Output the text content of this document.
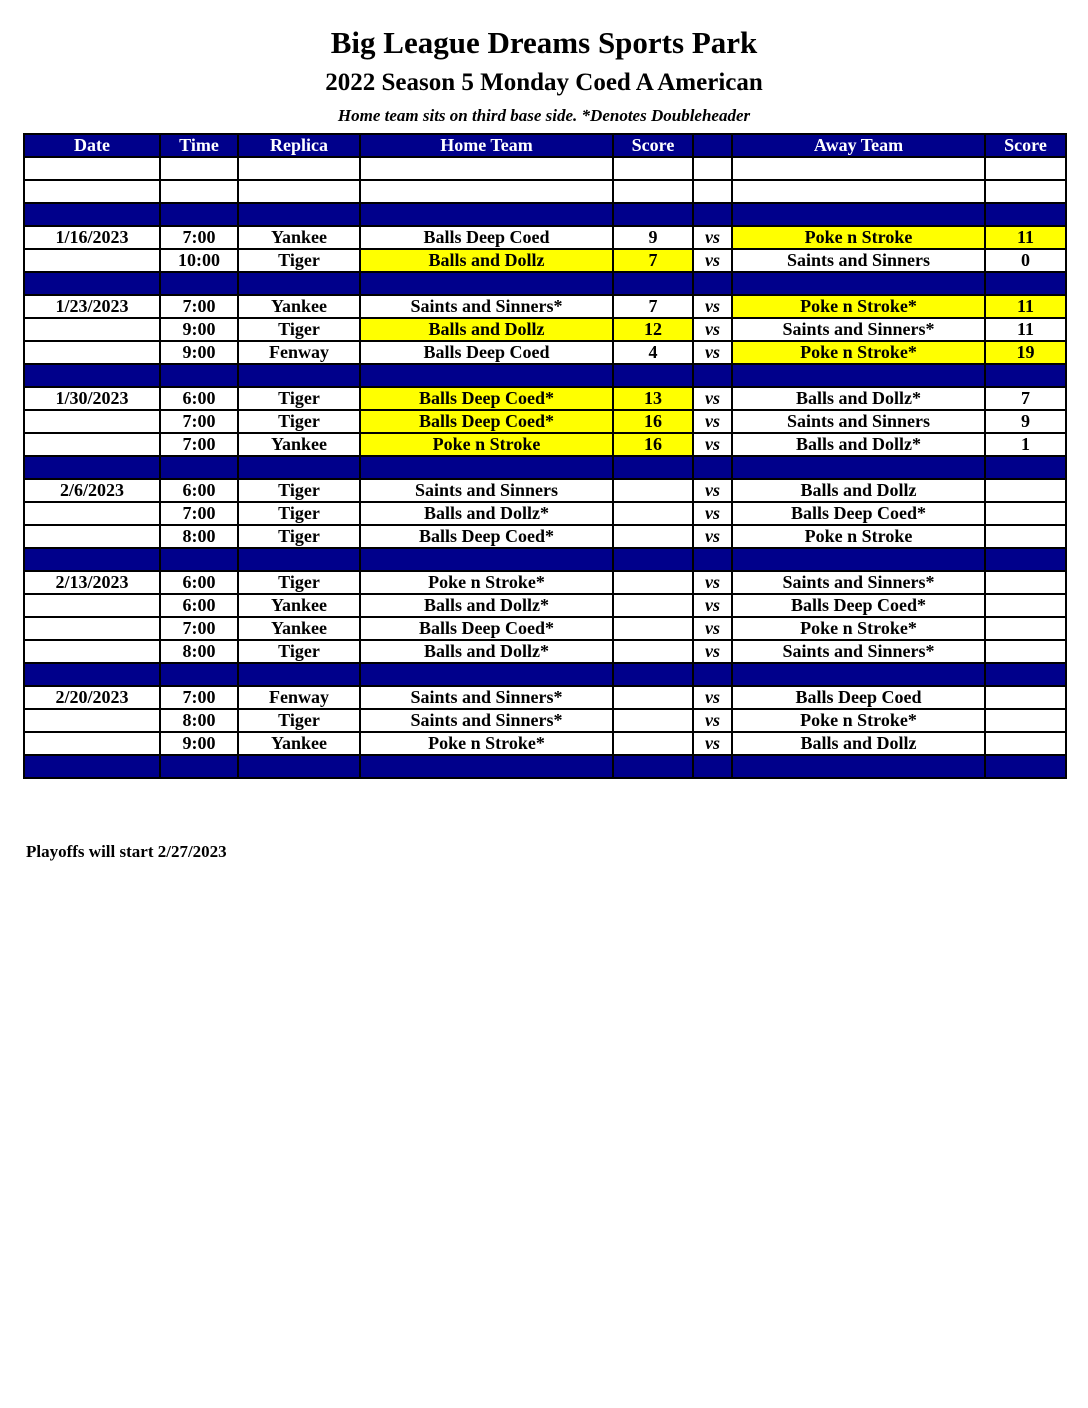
Big League Dreams Sports Park
2022 Season 5 Monday Coed A American
Home team sits on third base side. *Denotes Doubleheader
Date	Time	Replica	Home Team	Score		Away Team	Score

1/16/2023	7:00	Yankee	Balls Deep Coed	9	vs	Poke n Stroke	11
	10:00	Tiger	Balls and Dollz	7	vs	Saints and Sinners	0

1/23/2023	7:00	Yankee	Saints and Sinners*	7	vs	Poke n Stroke*	11
	9:00	Tiger	Balls and Dollz	12	vs	Saints and Sinners*	11
	9:00	Fenway	Balls Deep Coed	4	vs	Poke n Stroke*	19

1/30/2023	6:00	Tiger	Balls Deep Coed*	13	vs	Balls and Dollz*	7
	7:00	Tiger	Balls Deep Coed*	16	vs	Saints and Sinners	9
	7:00	Yankee	Poke n Stroke	16	vs	Balls and Dollz*	1

2/6/2023	6:00	Tiger	Saints and Sinners		vs	Balls and Dollz	
	7:00	Tiger	Balls and Dollz*		vs	Balls Deep Coed*	
	8:00	Tiger	Balls Deep Coed*		vs	Poke n Stroke	

2/13/2023	6:00	Tiger	Poke n Stroke*		vs	Saints and Sinners*	
	6:00	Yankee	Balls and Dollz*		vs	Balls Deep Coed*	
	7:00	Yankee	Balls Deep Coed*		vs	Poke n Stroke*	
	8:00	Tiger	Balls and Dollz*		vs	Saints and Sinners*	

2/20/2023	7:00	Fenway	Saints and Sinners*		vs	Balls Deep Coed	
	8:00	Tiger	Saints and Sinners*		vs	Poke n Stroke*	
	9:00	Yankee	Poke n Stroke*		vs	Balls and Dollz	

Playoffs will start 2/27/2023
